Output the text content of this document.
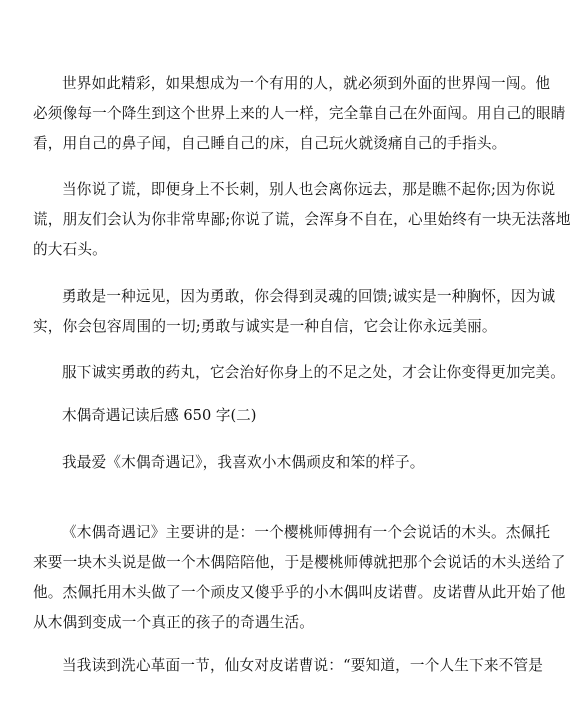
世界如此精彩，如果想成为一个有用的人，就必须到外面的世界闯一闯。他
必须像每一个降生到这个世界上来的人一样，完全靠自己在外面闯。用自己的眼睛
看，用自己的鼻子闻，自己睡自己的床，自己玩火就烫痛自己的手指头。
当你说了谎，即便身上不长刺，别人也会离你远去，那是瞧不起你;因为你说
谎，朋友们会认为你非常卑鄙;你说了谎，会浑身不自在，心里始终有一块无法落地
的大石头。
勇敢是一种远见，因为勇敢，你会得到灵魂的回馈;诚实是一种胸怀，因为诚
实，你会包容周围的一切;勇敢与诚实是一种自信，它会让你永远美丽。
服下诚实勇敢的药丸，它会治好你身上的不足之处，才会让你变得更加完美。
木偶奇遇记读后感 650 字(二)
我最爱《木偶奇遇记》，我喜欢小木偶顽皮和笨的样子。
《木偶奇遇记》主要讲的是：一个樱桃师傅拥有一个会说话的木头。杰佩托
来要一块木头说是做一个木偶陪陪他，于是樱桃师傅就把那个会说话的木头送给了
他。杰佩托用木头做了一个顽皮又傻乎乎的小木偶叫皮诺曹。皮诺曹从此开始了他
从木偶到变成一个真正的孩子的奇遇生活。
当我读到洗心革面一节，仙女对皮诺曹说：“要知道，一个人生下来不管是
